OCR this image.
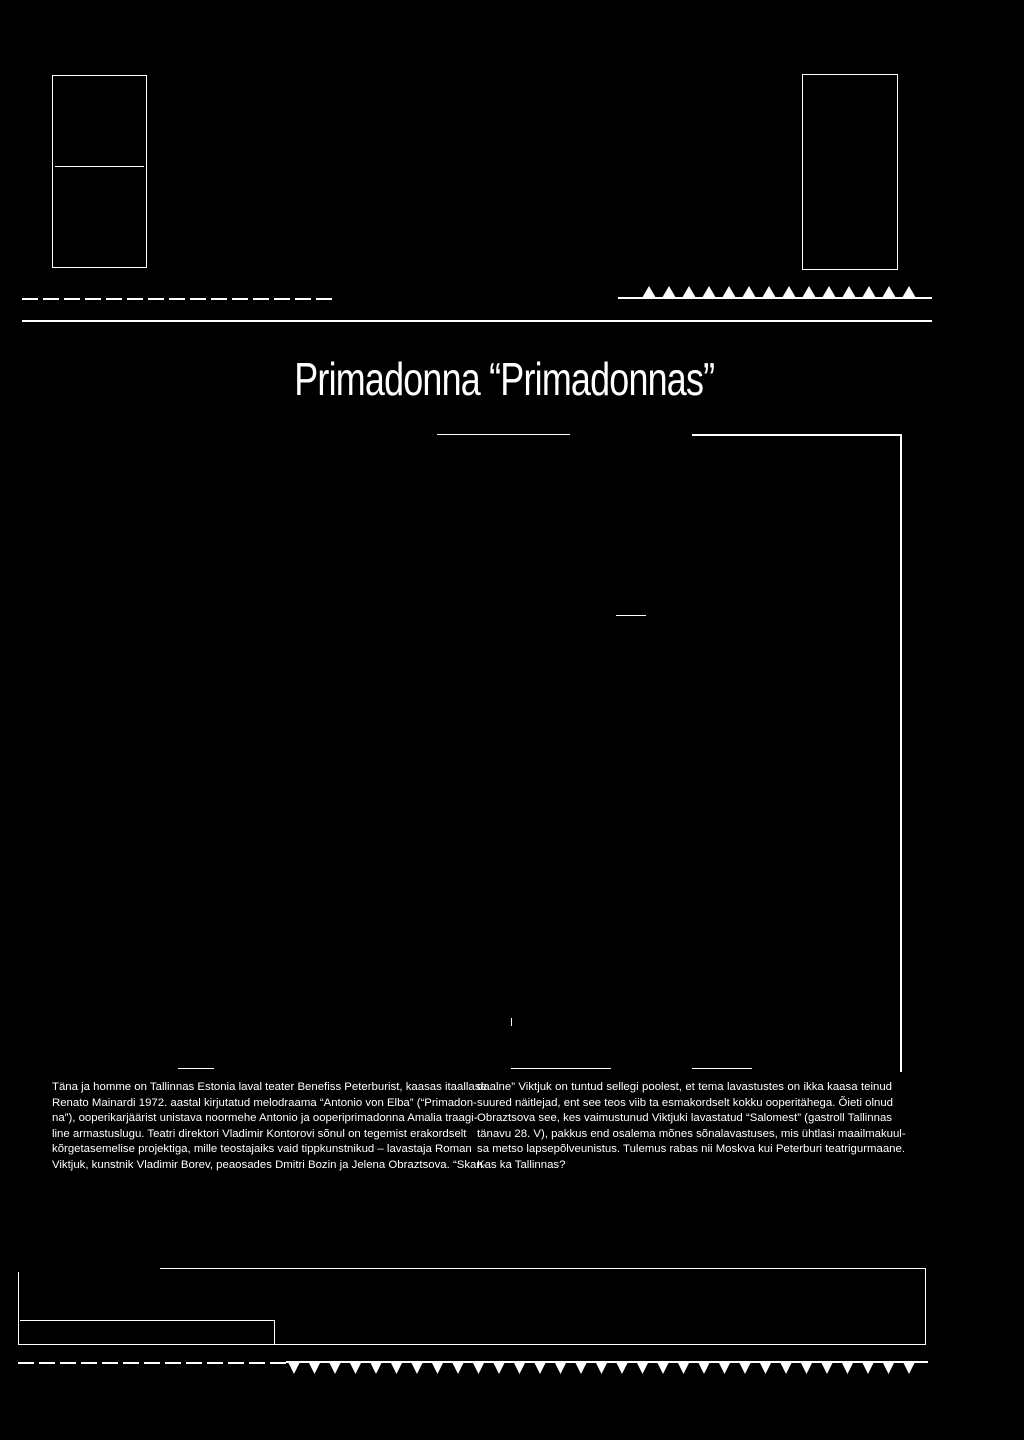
Primadonna “Primadonnas”
Täna ja homme on Tallinnas Estonia laval teater Benefiss Peterburist, kaasas itaallase
Renato Mainardi 1972. aastal kirjutatud melodraama “Antonio von Elba” (“Primadon-
na”), ooperikarjäärist unistava noormehe Antonio ja ooperiprimadonna Amalia traagi-
line armastuslugu. Teatri direktori Vladimir Kontorovi sõnul on tegemist erakordselt
kõrgetasemelise projektiga, mille teostajaiks vaid tippkunstnikud – lavastaja Roman
Viktjuk, kunstnik Vladimir Borev, peaosades Dmitri Bozin ja Jelena Obraztsova. “Skan-
daalne” Viktjuk on tuntud sellegi poolest, et tema lavastustes on ikka kaasa teinud
suured näitlejad, ent see teos viib ta esmakordselt kokku ooperitähega. Õieti olnud
Obraztsova see, kes vaimustunud Viktjuki lavastatud “Salomest” (gastroll Tallinnas
tänavu 28. V), pakkus end osalema mõnes sõnalavastuses, mis ühtlasi maailmakuul-
sa metso lapsepõlveunistus. Tulemus rabas nii Moskva kui Peterburi teatrigurmaane.
Kas ka Tallinnas?
